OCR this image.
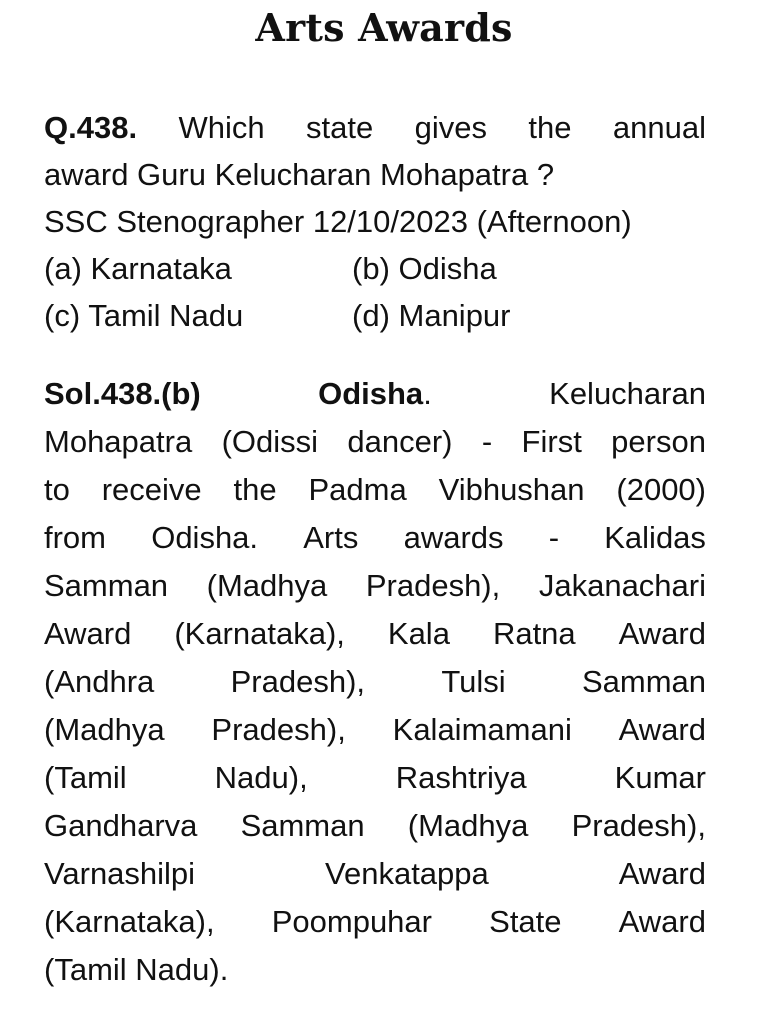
Arts Awards
Q.438. Which state gives the annual
award Guru Kelucharan Mohapatra ?
SSC Stenographer 12/10/2023 (Afternoon)
(a) Karnataka	(b) Odisha
(c) Tamil Nadu	(d) Manipur
Sol.438.(b)	Odisha.	Kelucharan
Mohapatra (Odissi dancer) - First person
to receive the Padma Vibhushan (2000)
from Odisha. Arts awards - Kalidas
Samman (Madhya Pradesh), Jakanachari
Award (Karnataka), Kala Ratna Award
(Andhra Pradesh), Tulsi Samman
(Madhya Pradesh), Kalaimamani Award
(Tamil	Nadu),	Rashtriya	Kumar
Gandharva Samman (Madhya Pradesh),
Varnashilpi	Venkatappa	Award
(Karnataka), Poompuhar State Award
(Tamil Nadu).
